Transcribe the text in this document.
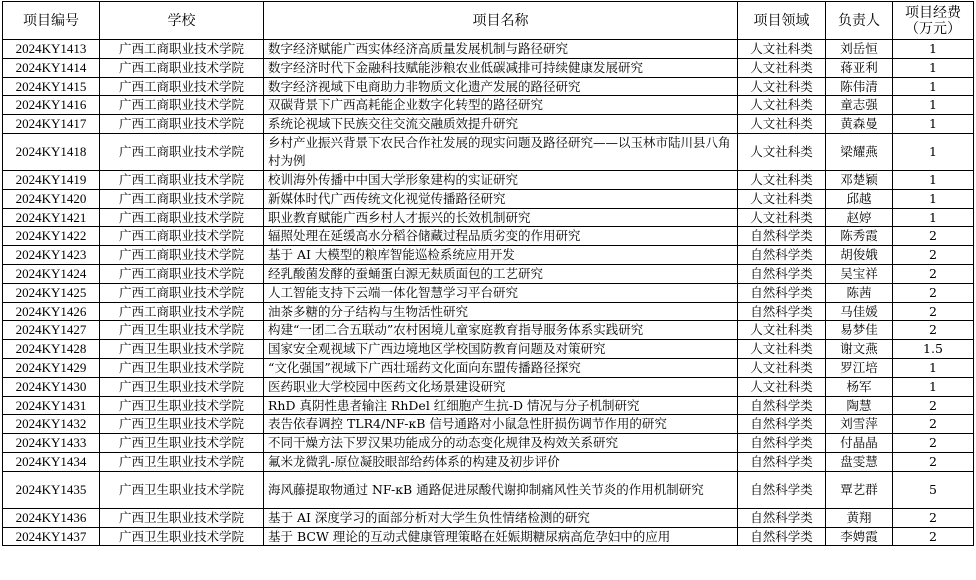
项目编号	学校	项目名称	项目领域	负责人	项目经费
（万元）
2024KY1413	广西工商职业技术学院	数字经济赋能广西实体经济高质量发展机制与路径研究	人文社科类	刘岳恒	1
2024KY1414	广西工商职业技术学院	数字经济时代下金融科技赋能涉粮农业低碳减排可持续健康发展研究	人文社科类	蒋亚利	1
2024KY1415	广西工商职业技术学院	数字经济视域下电商助力非物质文化遗产发展的路径研究	人文社科类	陈伟清	1
2024KY1416	广西工商职业技术学院	双碳背景下广西高耗能企业数字化转型的路径研究	人文社科类	童志强	1
2024KY1417	广西工商职业技术学院	系统论视域下民族交往交流交融质效提升研究	人文社科类	黄森曼	1
2024KY1418	广西工商职业技术学院	乡村产业振兴背景下农民合作社发展的现实问题及路径研究——以玉林市陆川县八角村为例	人文社科类	梁耀燕	1
2024KY1419	广西工商职业技术学院	校训海外传播中中国大学形象建构的实证研究	人文社科类	邓楚颖	1
2024KY1420	广西工商职业技术学院	新媒体时代广西传统文化视觉传播路径研究	人文社科类	邱越	1
2024KY1421	广西工商职业技术学院	职业教育赋能广西乡村人才振兴的长效机制研究	人文社科类	赵婷	1
2024KY1422	广西工商职业技术学院	辐照处理在延缓高水分稻谷储藏过程品质劣变的作用研究	自然科学类	陈秀霞	2
2024KY1423	广西工商职业技术学院	基于 AI 大模型的粮库智能巡检系统应用开发	自然科学类	胡俊娥	2
2024KY1424	广西工商职业技术学院	经乳酸菌发酵的蚕蛹蛋白源无麸质面包的工艺研究	自然科学类	吴宝祥	2
2024KY1425	广西工商职业技术学院	人工智能支持下云端一体化智慧学习平台研究	自然科学类	陈茜	2
2024KY1426	广西工商职业技术学院	油茶多糖的分子结构与生物活性研究	自然科学类	马佳媛	2
2024KY1427	广西卫生职业技术学院	构建“一团二合五联动”农村困境儿童家庭教育指导服务体系实践研究	人文社科类	易梦佳	2
2024KY1428	广西卫生职业技术学院	国家安全观视域下广西边境地区学校国防教育问题及对策研究	人文社科类	谢文燕	1.5
2024KY1429	广西卫生职业技术学院	“文化强国”视域下广西壮瑶药文化面向东盟传播路径探究	人文社科类	罗江培	1
2024KY1430	广西卫生职业技术学院	医药职业大学校园中医药文化场景建设研究	人文社科类	杨军	1
2024KY1431	广西卫生职业技术学院	RhD 真阴性患者输注 RhDel 红细胞产生抗-D 情况与分子机制研究	自然科学类	陶慧	2
2024KY1432	广西卫生职业技术学院	表告依春调控 TLR4/NF-κB 信号通路对小鼠急性肝损伤调节作用的研究	自然科学类	刘雪萍	2
2024KY1433	广西卫生职业技术学院	不同干燥方法下罗汉果功能成分的动态变化规律及构效关系研究	自然科学类	付晶晶	2
2024KY1434	广西卫生职业技术学院	氟米龙微乳-原位凝胶眼部给药体系的构建及初步评价	自然科学类	盘雯慧	2
2024KY1435	广西卫生职业技术学院	海风藤提取物通过 NF-κB 通路促进尿酸代谢抑制痛风性关节炎的作用机制研究	自然科学类	覃艺群	5
2024KY1436	广西卫生职业技术学院	基于 AI 深度学习的面部分析对大学生负性情绪检测的研究	自然科学类	黄翔	2
2024KY1437	广西卫生职业技术学院	基于 BCW 理论的互动式健康管理策略在妊娠期糖尿病高危孕妇中的应用	自然科学类	李娉霞	2
